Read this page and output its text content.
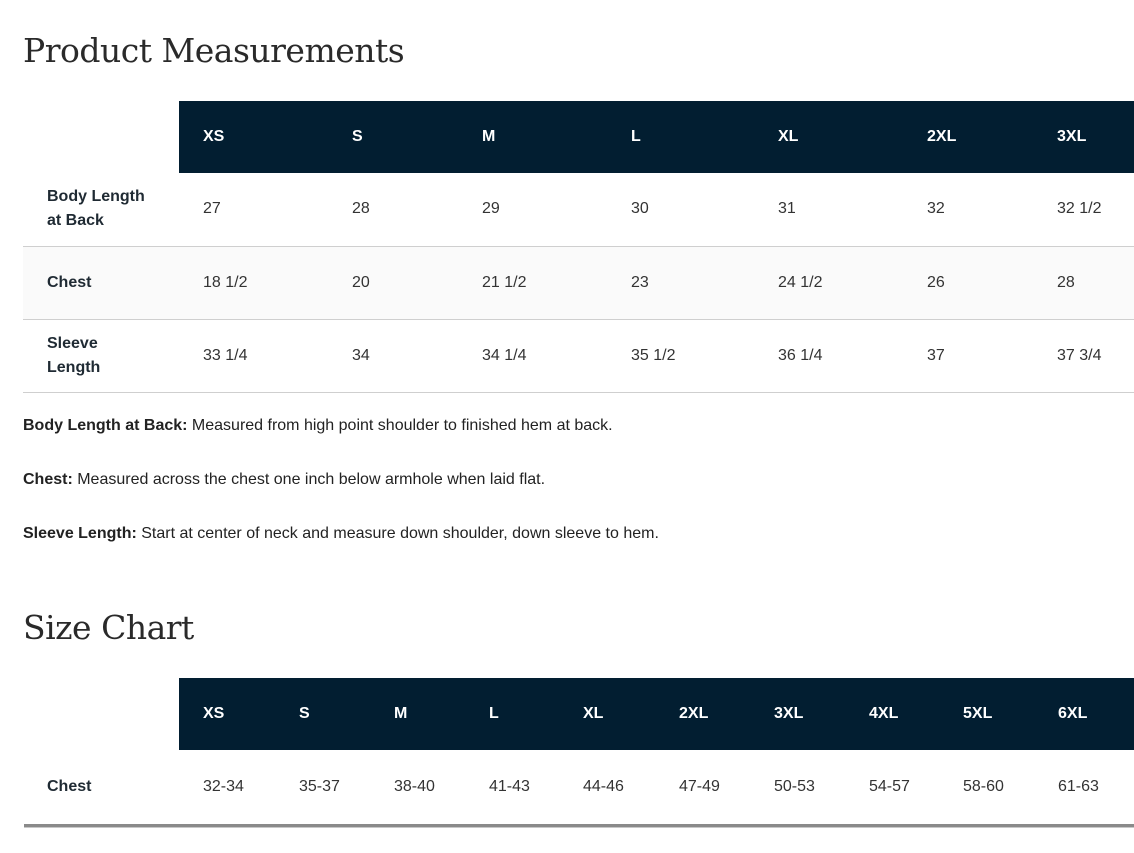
Product Measurements
	XS	S	M	L	XL	2XL	3XL
Body Length
at Back	27	28	29	30	31	32	32 1/2
Chest	18 1/2	20	21 1/2	23	24 1/2	26	28
Sleeve
Length	33 1/4	34	34 1/4	35 1/2	36 1/4	37	37 3/4

Body Length at Back: Measured from high point shoulder to finished hem at back.

Chest: Measured across the chest one inch below armhole when laid flat.

Sleeve Length: Start at center of neck and measure down shoulder, down sleeve to hem.

Size Chart
	XS	S	M	L	XL	2XL	3XL	4XL	5XL	6XL
Chest	32-34	35-37	38-40	41-43	44-46	47-49	50-53	54-57	58-60	61-63
